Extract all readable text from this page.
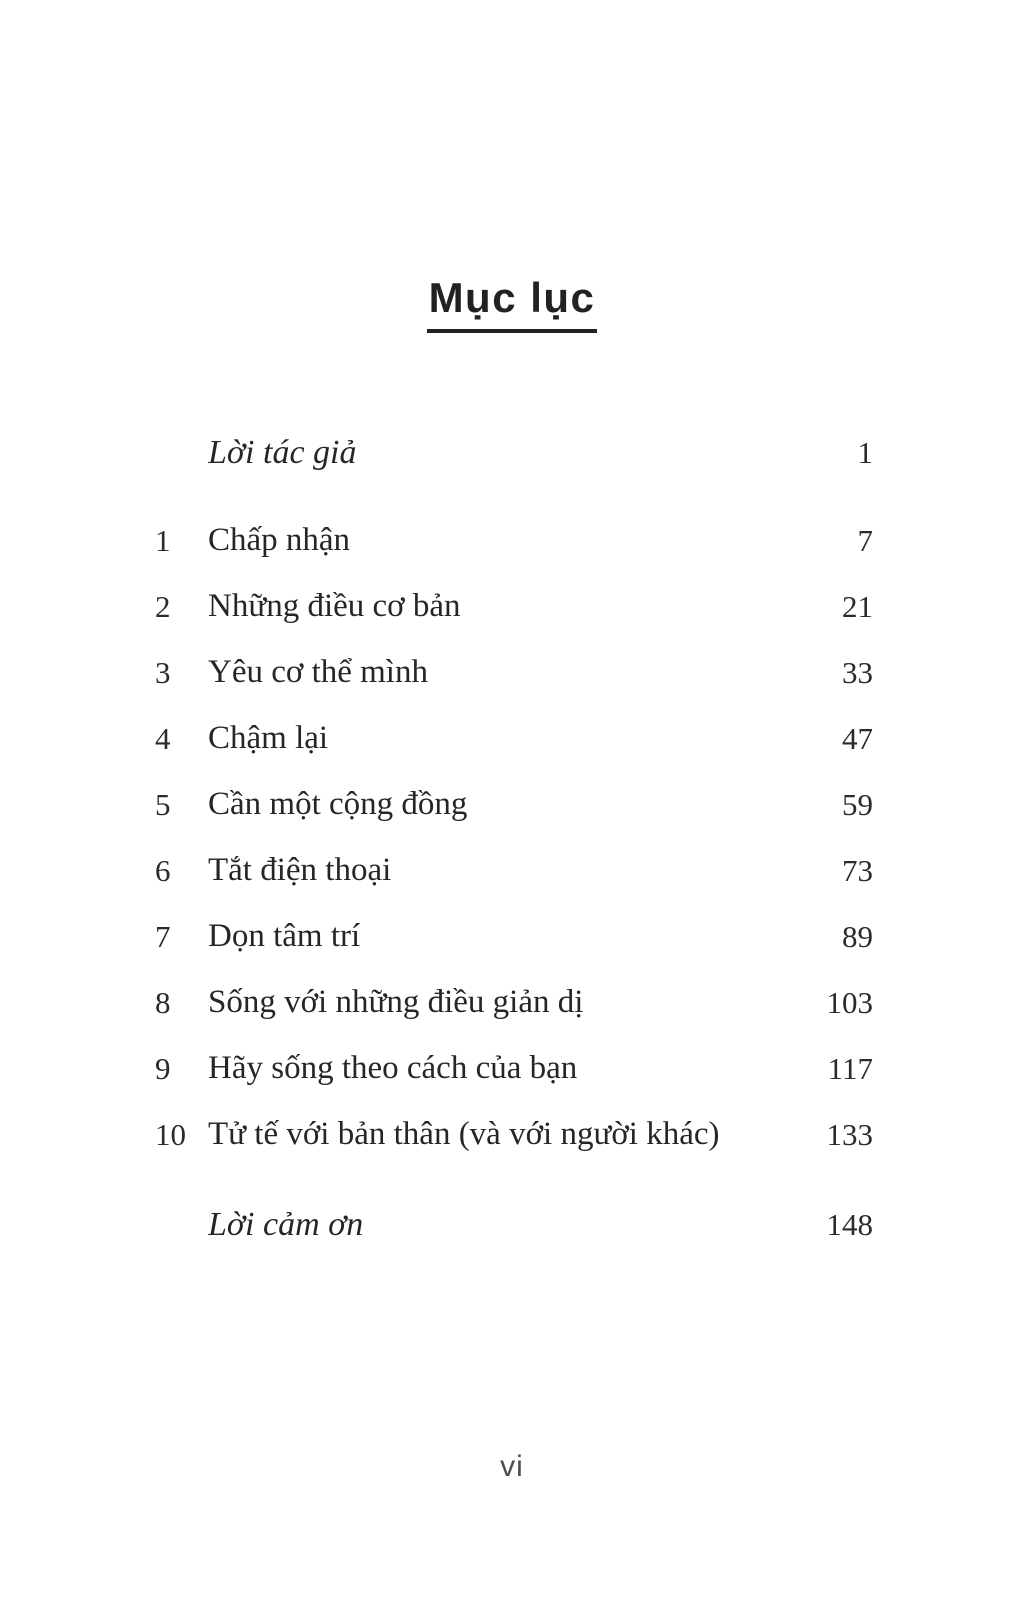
Mục lục
Lời tác giả	1
1	Chấp nhận	7
2	Những điều cơ bản	21
3	Yêu cơ thể mình	33
4	Chậm lại	47
5	Cần một cộng đồng	59
6	Tắt điện thoại	73
7	Dọn tâm trí	89
8	Sống với những điều giản dị	103
9	Hãy sống theo cách của bạn	117
10 Tử tế với bản thân (và với người khác)	133
Lời cảm ơn	148
vi
